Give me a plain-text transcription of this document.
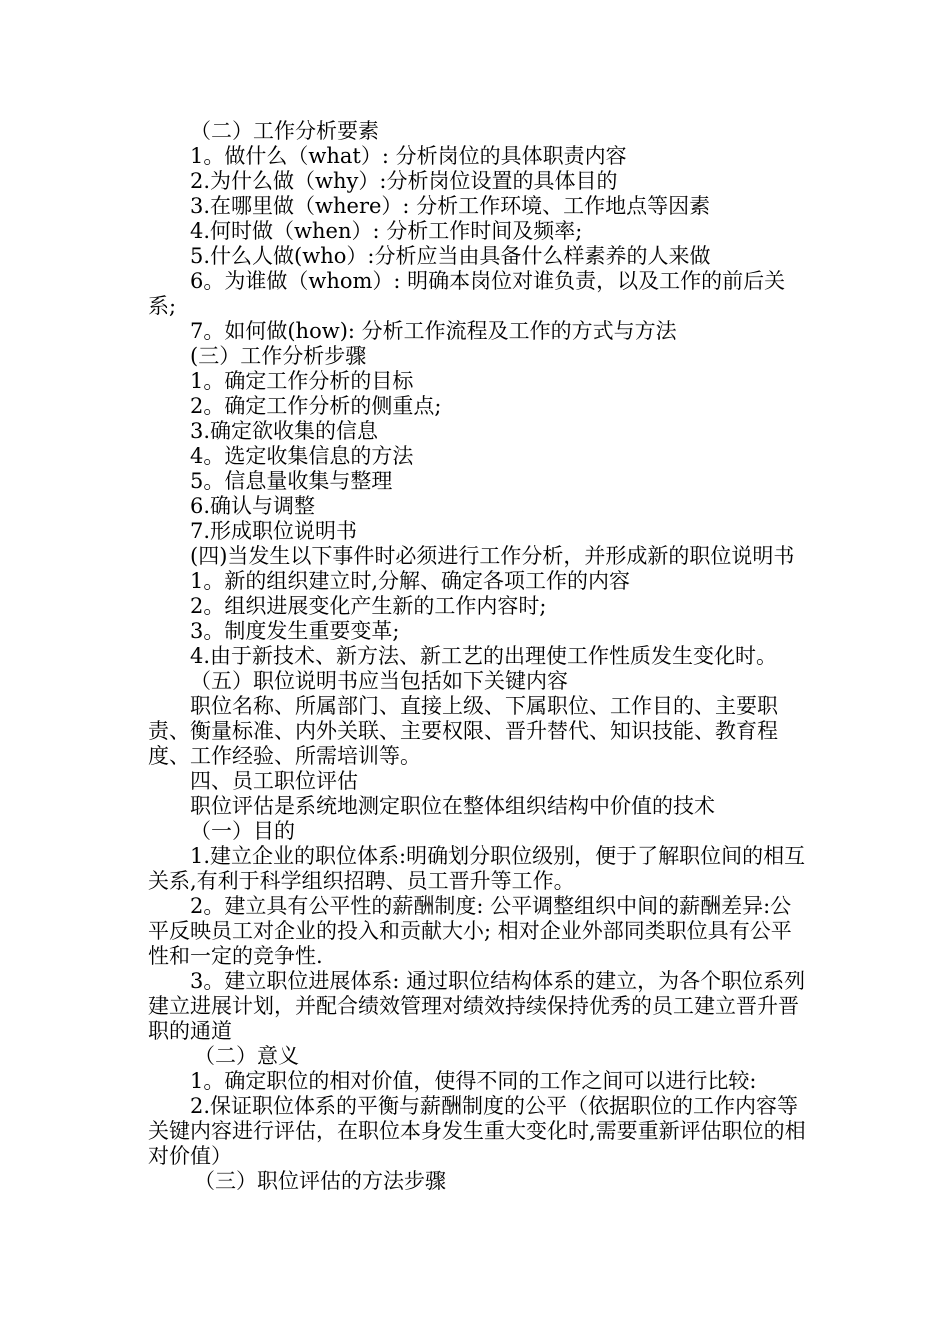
（二）工作分析要素
1。做什么（what）: 分析岗位的具体职责内容
2.为什么做（why）:分析岗位设置的具体目的
3.在哪里做（where）: 分析工作环境、工作地点等因素
4.何时做（when）: 分析工作时间及频率;
5.什么人做(who）:分析应当由具备什么样素养的人来做
6。为谁做（whom）: 明确本岗位对谁负责，以及工作的前后关系;
7。如何做(how): 分析工作流程及工作的方式与方法
(三）工作分析步骤
1。确定工作分析的目标
2。确定工作分析的侧重点;
3.确定欲收集的信息
4。选定收集信息的方法
5。信息量收集与整理
6.确认与调整
7.形成职位说明书
(四)当发生以下事件时必须进行工作分析，并形成新的职位说明书
1。新的组织建立时,分解、确定各项工作的内容
2。组织进展变化产生新的工作内容时;
3。制度发生重要变革;
4.由于新技术、新方法、新工艺的出理使工作性质发生变化时。
（五）职位说明书应当包括如下关键内容
职位名称、所属部门、直接上级、下属职位、工作目的、主要职责、衡量标准、内外关联、主要权限、晋升替代、知识技能、教育程度、工作经验、所需培训等。
四、员工职位评估
职位评估是系统地测定职位在整体组织结构中价值的技术
（一）目的
1.建立企业的职位体系:明确划分职位级别，便于了解职位间的相互关系,有利于科学组织招聘、员工晋升等工作。
2。建立具有公平性的薪酬制度: 公平调整组织中间的薪酬差异:公平反映员工对企业的投入和贡献大小; 相对企业外部同类职位具有公平性和一定的竞争性.
3。建立职位进展体系: 通过职位结构体系的建立，为各个职位系列建立进展计划，并配合绩效管理对绩效持续保持优秀的员工建立晋升晋职的通道
（二）意义
1。确定职位的相对价值，使得不同的工作之间可以进行比较:
2.保证职位体系的平衡与薪酬制度的公平（依据职位的工作内容等关键内容进行评估，在职位本身发生重大变化时,需要重新评估职位的相对价值）
（三）职位评估的方法步骤
